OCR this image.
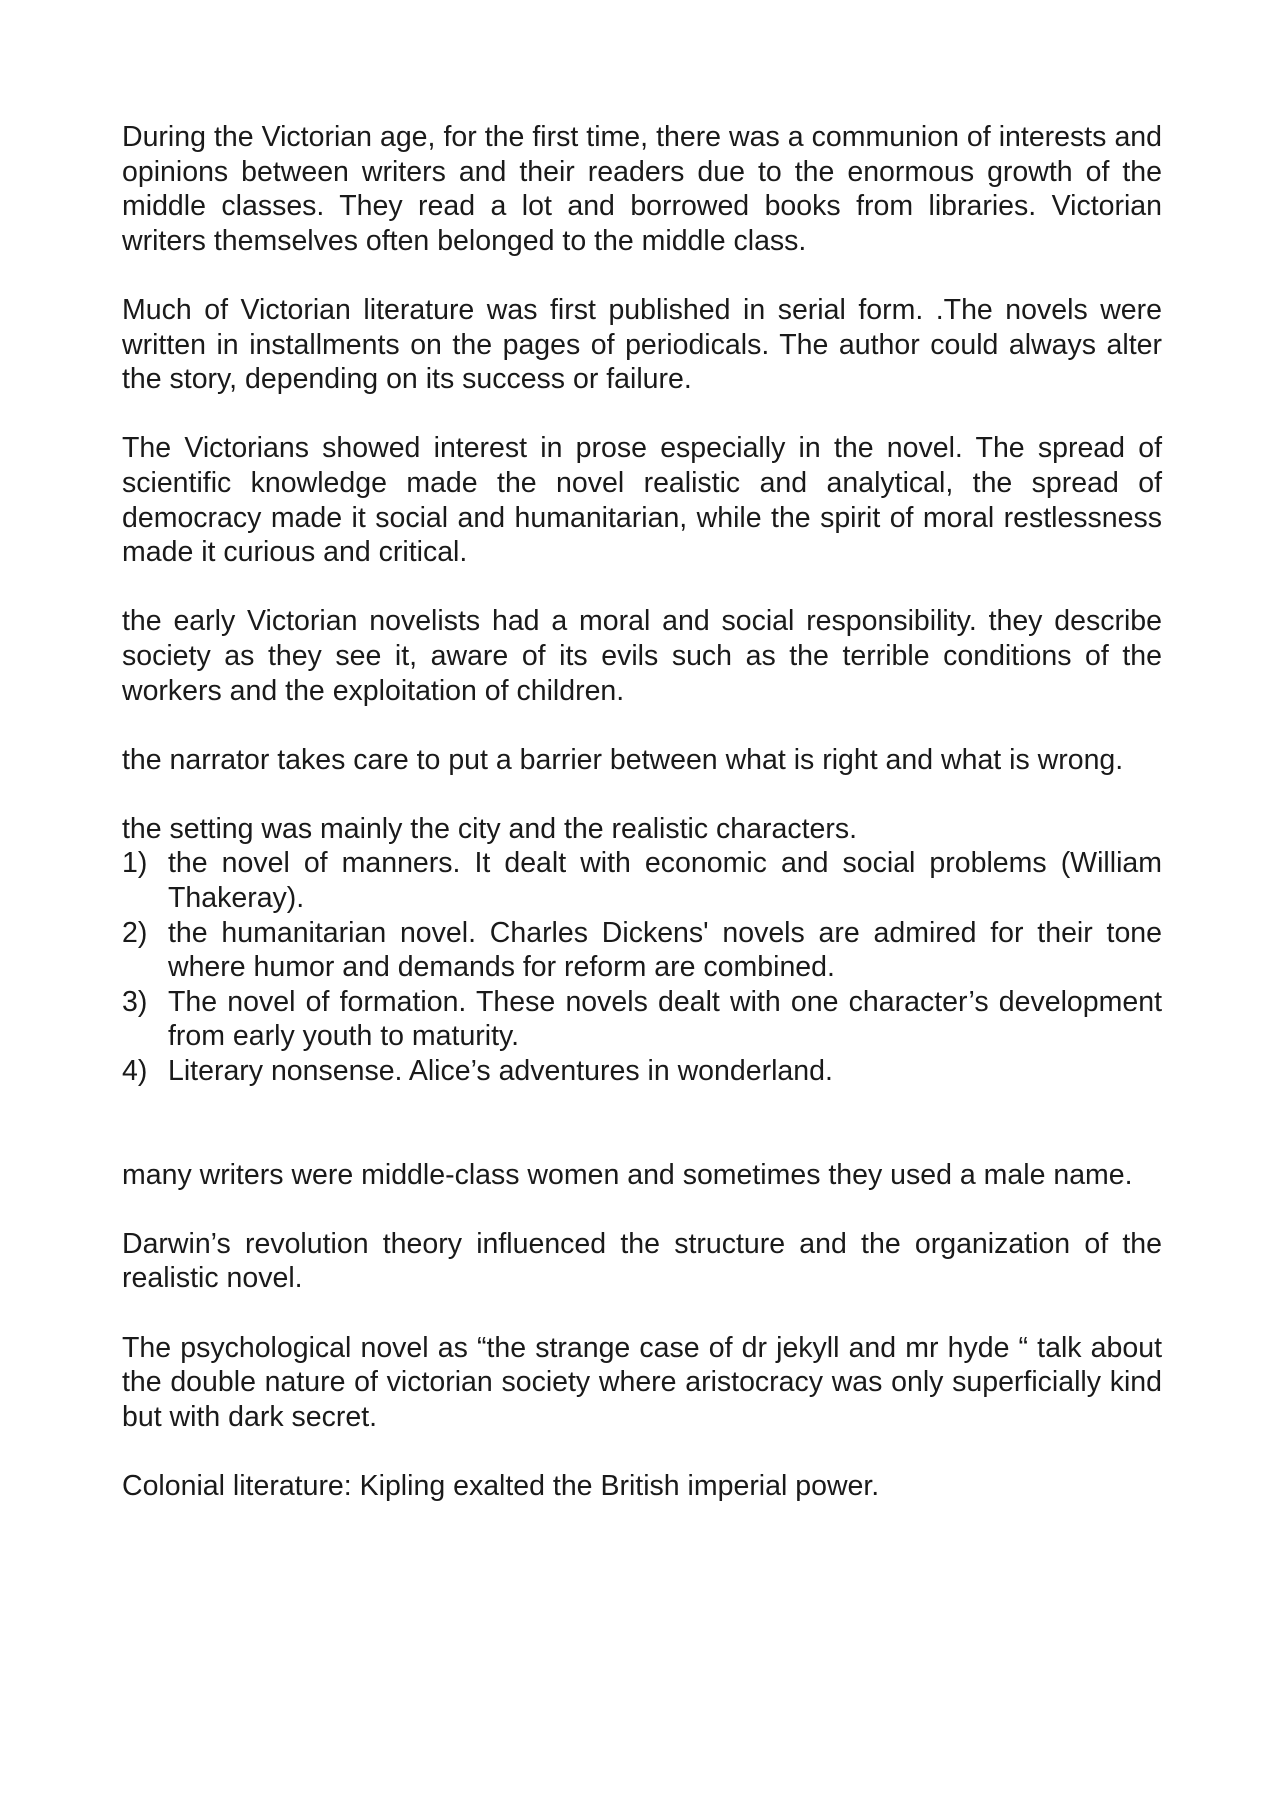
During the Victorian age, for the first time, there was a communion of interests and opinions between writers and their readers due to the enormous growth of the middle classes. They read a lot and borrowed books from libraries. Victorian writers themselves often belonged to the middle class.

Much of Victorian literature was first published in serial form. .The novels were written in installments on the pages of periodicals. The author could always alter the story, depending on its success or failure.

The Victorians showed interest in prose especially in the novel. The spread of scientific knowledge made the novel realistic and analytical, the spread of democracy made it social and humanitarian, while the spirit of moral restlessness made it curious and critical.

the early Victorian novelists had a moral and social responsibility. they describe society as they see it, aware of its evils such as the terrible conditions of the workers and the exploitation of children.

the narrator takes care to put a barrier between what is right and what is wrong.

the setting was mainly the city and the realistic characters.

1) the novel of manners. It dealt with economic and social problems (William Thakeray).
2) the humanitarian novel. Charles Dickens' novels are admired for their tone where humor and demands for reform are combined.
3) The novel of formation. These novels dealt with one character’s development from early youth to maturity.
4) Literary nonsense. Alice’s adventures in wonderland.

many writers were middle-class women and sometimes they used a male name.

Darwin’s revolution theory influenced the structure and the organization of the realistic novel.

The psychological novel as “the strange case of dr jekyll and mr hyde “ talk about the double nature of victorian society where aristocracy was only superficially kind but with dark secret.

Colonial literature: Kipling exalted the British imperial power.
